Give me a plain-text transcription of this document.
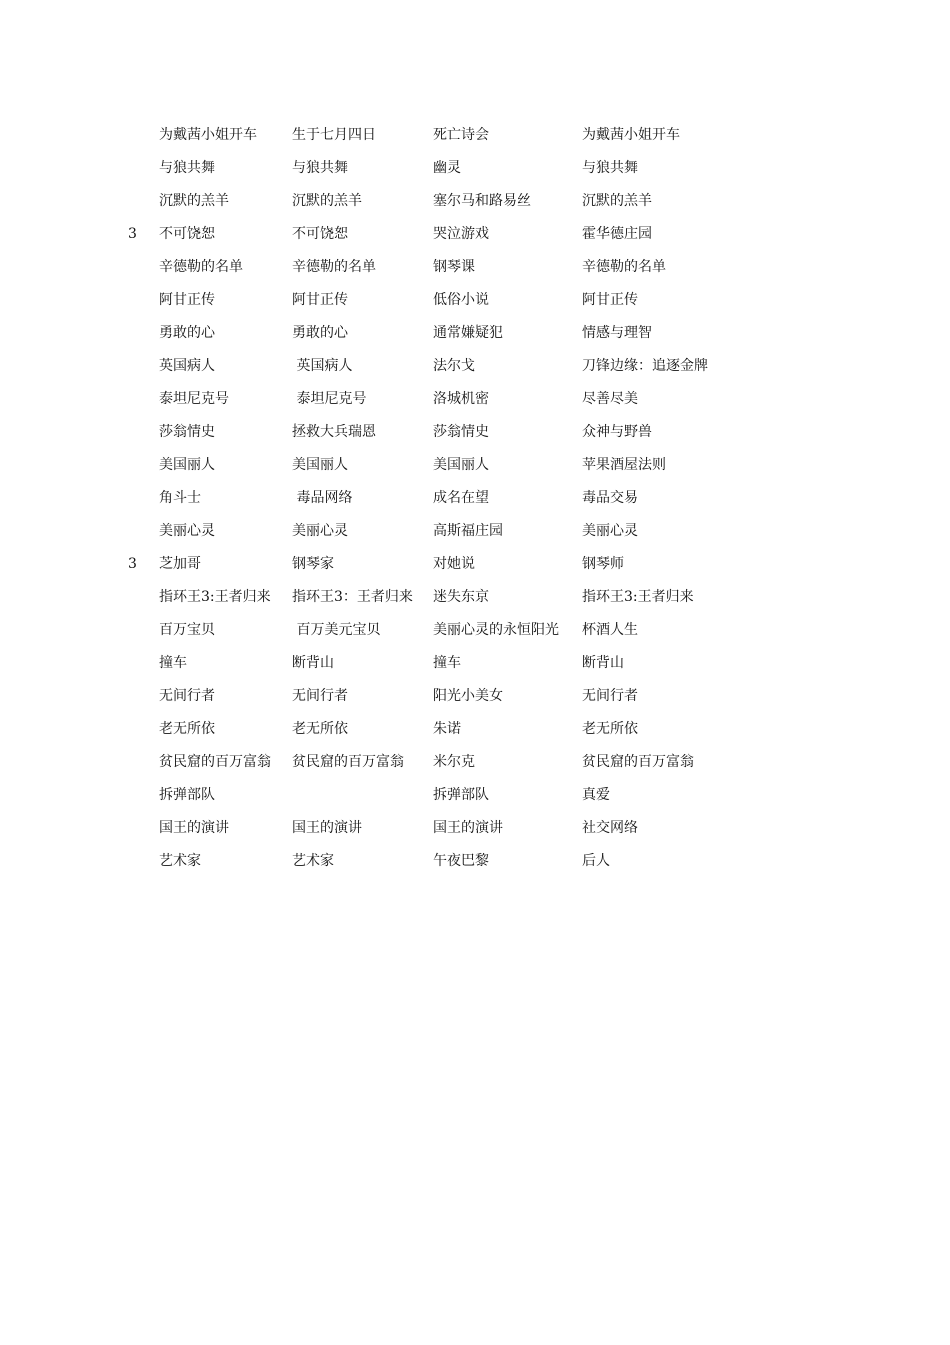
	为戴茜小姐开车	生于七月四日	死亡诗会	为戴茜小姐开车
	与狼共舞	与狼共舞	幽灵	与狼共舞
	沉默的羔羊	沉默的羔羊	塞尔马和路易丝	沉默的羔羊
3	不可饶恕	不可饶恕	哭泣游戏	霍华德庄园
	辛德勒的名单	辛德勒的名单	钢琴课	辛德勒的名单
	阿甘正传	阿甘正传	低俗小说	阿甘正传
	勇敢的心	勇敢的心	通常嫌疑犯	情感与理智
	英国病人	英国病人	法尔戈	刀锋边缘：追逐金牌
	泰坦尼克号	泰坦尼克号	洛城机密	尽善尽美
	莎翁情史	拯救大兵瑞恩	莎翁情史	众神与野兽
	美国丽人	美国丽人	美国丽人	苹果酒屋法则
	角斗士	毒品网络	成名在望	毒品交易
	美丽心灵	美丽心灵	高斯福庄园	美丽心灵
3	芝加哥	钢琴家	对她说	钢琴师
	指环王3:王者归来	指环王3：王者归来	迷失东京	指环王3:王者归来
	百万宝贝	百万美元宝贝	美丽心灵的永恒阳光	杯酒人生
	撞车	断背山	撞车	断背山
	无间行者	无间行者	阳光小美女	无间行者
	老无所依	老无所依	朱诺	老无所依
	贫民窟的百万富翁	贫民窟的百万富翁	米尔克	贫民窟的百万富翁
	拆弹部队		拆弹部队	真爱
	国王的演讲	国王的演讲	国王的演讲	社交网络
	艺术家	艺术家	午夜巴黎	后人
